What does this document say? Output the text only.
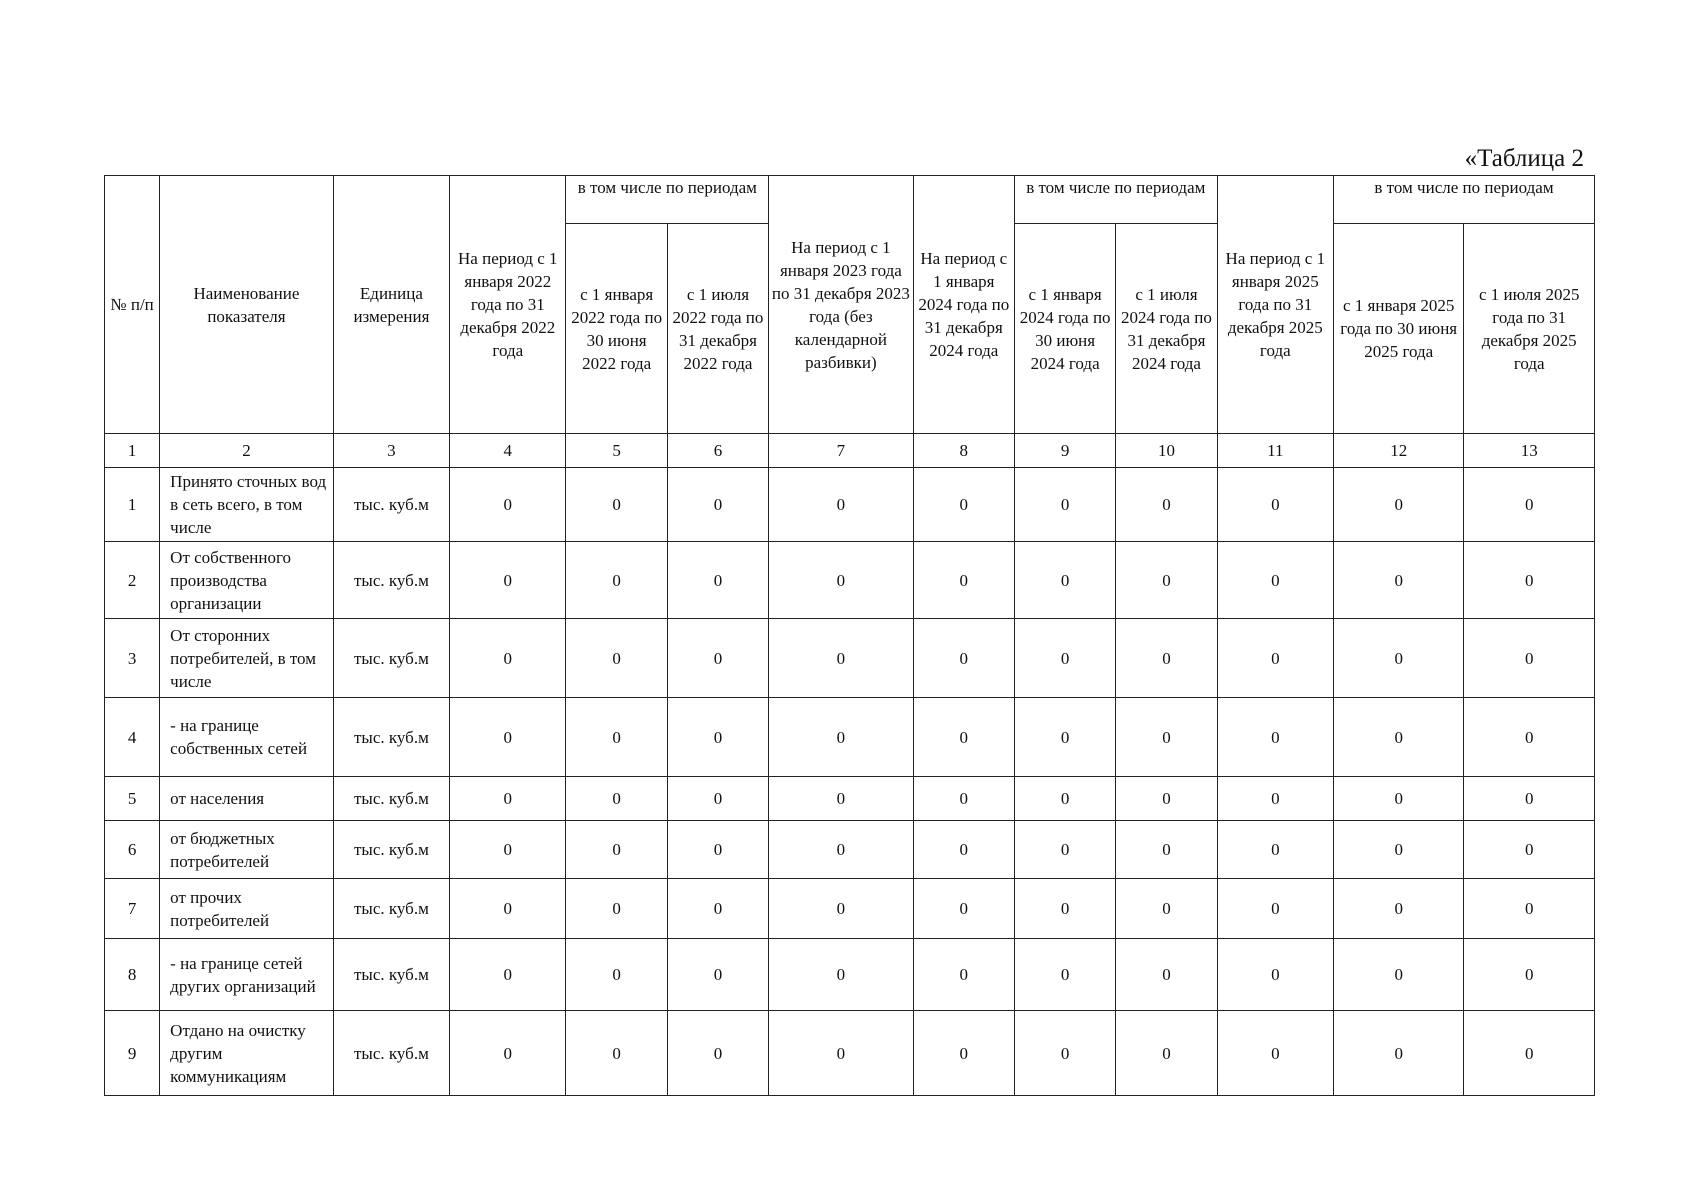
«Таблица 2
№ п/п	Наименование показателя	Единица измерения	На период с 1 января 2022 года по 31 декабря 2022 года	в том числе по периодам		На период с 1 января 2023 года по 31 декабря 2023 года (без календарной разбивки)	На период с 1 января 2024 года по 31 декабря 2024 года	в том числе по периодам		На период с 1 января 2025 года по 31 декабря 2025 года	в том числе по периодам	
				с 1 января 2022 года по 30 июня 2022 года	с 1 июля 2022 года по 31 декабря 2022 года			с 1 января 2024 года по 30 июня 2024 года	с 1 июля 2024 года по 31 декабря 2024 года		с 1 января 2025 года по 30 июня 2025 года	с 1 июля 2025 года по 31 декабря 2025 года
1	2	3	4	5	6	7	8	9	10	11	12	13
1	Принято сточных вод в сеть всего, в том числе	тыс. куб.м	0	0	0	0	0	0	0	0	0	0
2	От собственного производства организации	тыс. куб.м	0	0	0	0	0	0	0	0	0	0
3	От сторонних потребителей, в том числе	тыс. куб.м	0	0	0	0	0	0	0	0	0	0
4	- на границе собственных сетей	тыс. куб.м	0	0	0	0	0	0	0	0	0	0
5	от населения	тыс. куб.м	0	0	0	0	0	0	0	0	0	0
6	от бюджетных потребителей	тыс. куб.м	0	0	0	0	0	0	0	0	0	0
7	от прочих потребителей	тыс. куб.м	0	0	0	0	0	0	0	0	0	0
8	- на границе сетей других организаций	тыс. куб.м	0	0	0	0	0	0	0	0	0	0
9	Отдано на очистку другим коммуникациям	тыс. куб.м	0	0	0	0	0	0	0	0	0	0
